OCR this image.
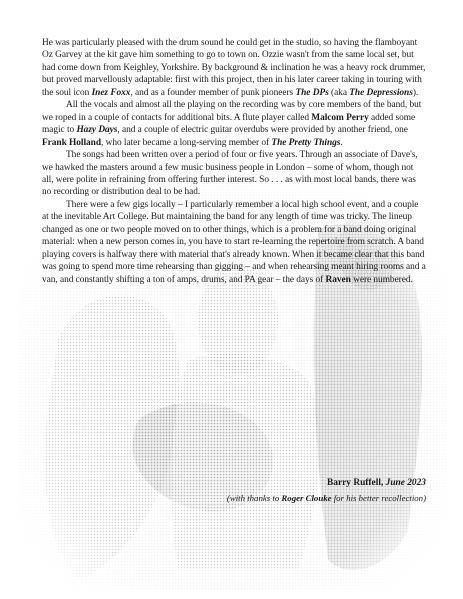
He was particularly pleased with the drum sound he could get in the studio, so having the flamboyant Oz Garvey at the kit gave him something to go to town on. Ozzie wasn't from the same local set, but had come down from Keighley, Yorkshire. By background & inclination he was a heavy rock drummer, but proved marvellously adaptable: first with this project, then in his later career taking in touring with the soul icon Inez Foxx, and as a founder member of punk pioneers The DPs (aka The Depressions).

All the vocals and almost all the playing on the recording was by core members of the band, but we roped in a couple of contacts for additional bits. A flute player called Malcom Perry added some magic to Hazy Days, and a couple of electric guitar overdubs were provided by another friend, one Frank Holland, who later became a long-serving member of The Pretty Things.

The songs had been written over a period of four or five years. Through an associate of Dave's, we hawked the masters around a few music business people in London – some of whom, though not all, were polite in refraining from offering further interest. So . . . as with most local bands, there was no recording or distribution deal to be had.

There were a few gigs locally – I particularly remember a local high school event, and a couple at the inevitable Art College. But maintaining the band for any length of time was tricky. The lineup changed as one or two people moved on to other things, which is a problem for a band doing original material: when a new person comes in, you have to start re-learning the repertoire from scratch. A band playing covers is halfway there with material that's already known. When it became clear that this band was going to spend more time rehearsing than gigging – and when rehearsing meant hiring rooms and a van, and constantly shifting a ton of amps, drums, and PA gear – the days of Raven were numbered.

Barry Ruffell, June 2023
(with thanks to Roger Clouke for his better recollection)
